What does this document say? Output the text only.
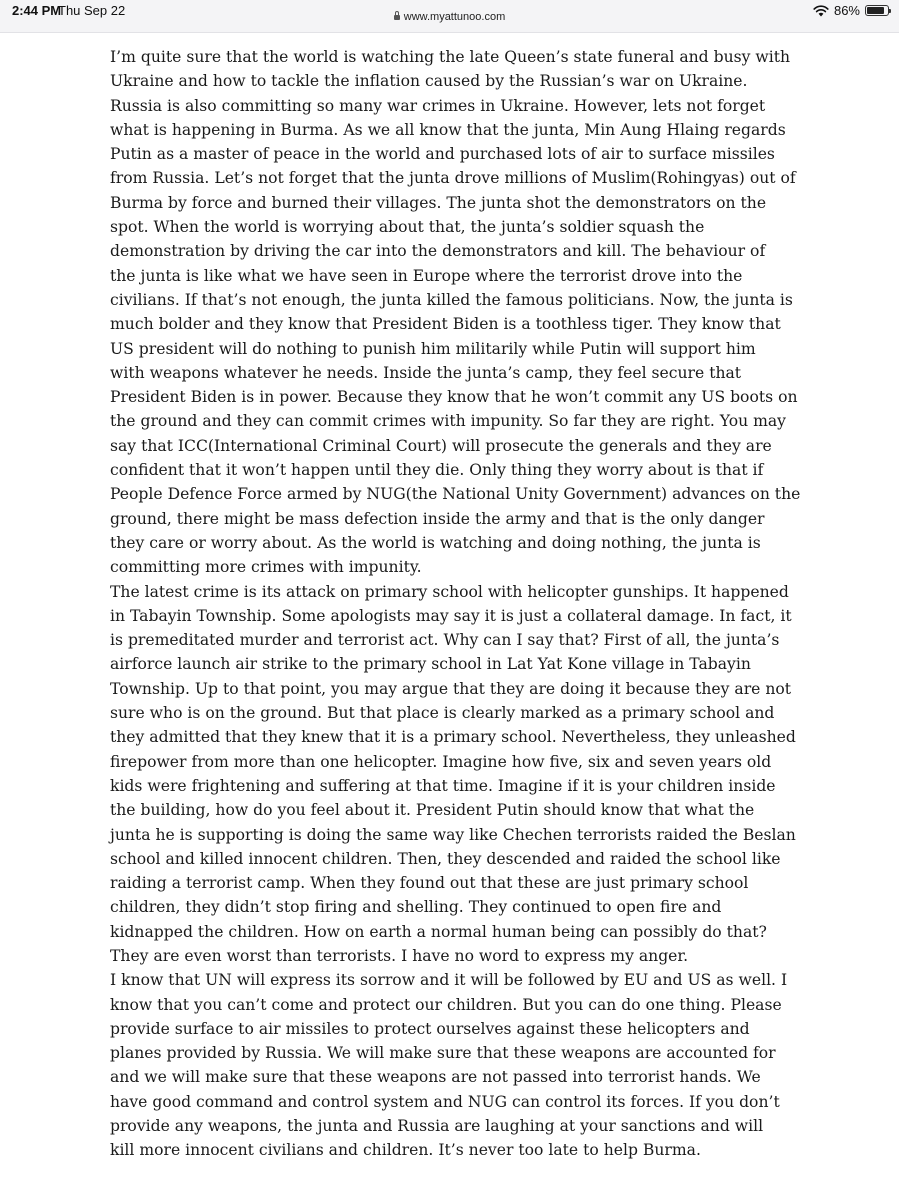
2:44 PM
Thu Sep 22	www.myattunoo.com	86%

I’m quite sure that the world is watching the late Queen’s state funeral and busy with
Ukraine and how to tackle the inflation caused by the Russian’s war on Ukraine.
Russia is also committing so many war crimes in Ukraine. However, lets not forget
what is happening in Burma. As we all know that the junta, Min Aung Hlaing regards
Putin as a master of peace in the world and purchased lots of air to surface missiles
from Russia. Let’s not forget that the junta drove millions of Muslim(Rohingyas) out of
Burma by force and burned their villages. The junta shot the demonstrators on the
spot. When the world is worrying about that, the junta’s soldier squash the
demonstration by driving the car into the demonstrators and kill. The behaviour of
the junta is like what we have seen in Europe where the terrorist drove into the
civilians. If that’s not enough, the junta killed the famous politicians. Now, the junta is
much bolder and they know that President Biden is a toothless tiger. They know that
US president will do nothing to punish him militarily while Putin will support him
with weapons whatever he needs. Inside the junta’s camp, they feel secure that
President Biden is in power. Because they know that he won’t commit any US boots on
the ground and they can commit crimes with impunity. So far they are right. You may
say that ICC(International Criminal Court) will prosecute the generals and they are
confident that it won’t happen until they die. Only thing they worry about is that if
People Defence Force armed by NUG(the National Unity Government) advances on the
ground, there might be mass defection inside the army and that is the only danger
they care or worry about. As the world is watching and doing nothing, the junta is
committing more crimes with impunity.

The latest crime is its attack on primary school with helicopter gunships. It happened
in Tabayin Township. Some apologists may say it is just a collateral damage. In fact, it
is premeditated murder and terrorist act. Why can I say that? First of all, the junta’s
airforce launch air strike to the primary school in Lat Yat Kone village in Tabayin
Township. Up to that point, you may argue that they are doing it because they are not
sure who is on the ground. But that place is clearly marked as a primary school and
they admitted that they knew that it is a primary school. Nevertheless, they unleashed
firepower from more than one helicopter. Imagine how five, six and seven years old
kids were frightening and suffering at that time. Imagine if it is your children inside
the building, how do you feel about it. President Putin should know that what the
junta he is supporting is doing the same way like Chechen terrorists raided the Beslan
school and killed innocent children. Then, they descended and raided the school like
raiding a terrorist camp. When they found out that these are just primary school
children, they didn’t stop firing and shelling. They continued to open fire and
kidnapped the children. How on earth a normal human being can possibly do that?
They are even worst than terrorists. I have no word to express my anger.

I know that UN will express its sorrow and it will be followed by EU and US as well. I
know that you can’t come and protect our children. But you can do one thing. Please
provide surface to air missiles to protect ourselves against these helicopters and
planes provided by Russia. We will make sure that these weapons are accounted for
and we will make sure that these weapons are not passed into terrorist hands. We
have good command and control system and NUG can control its forces. If you don’t
provide any weapons, the junta and Russia are laughing at your sanctions and will
kill more innocent civilians and children. It’s never too late to help Burma.
